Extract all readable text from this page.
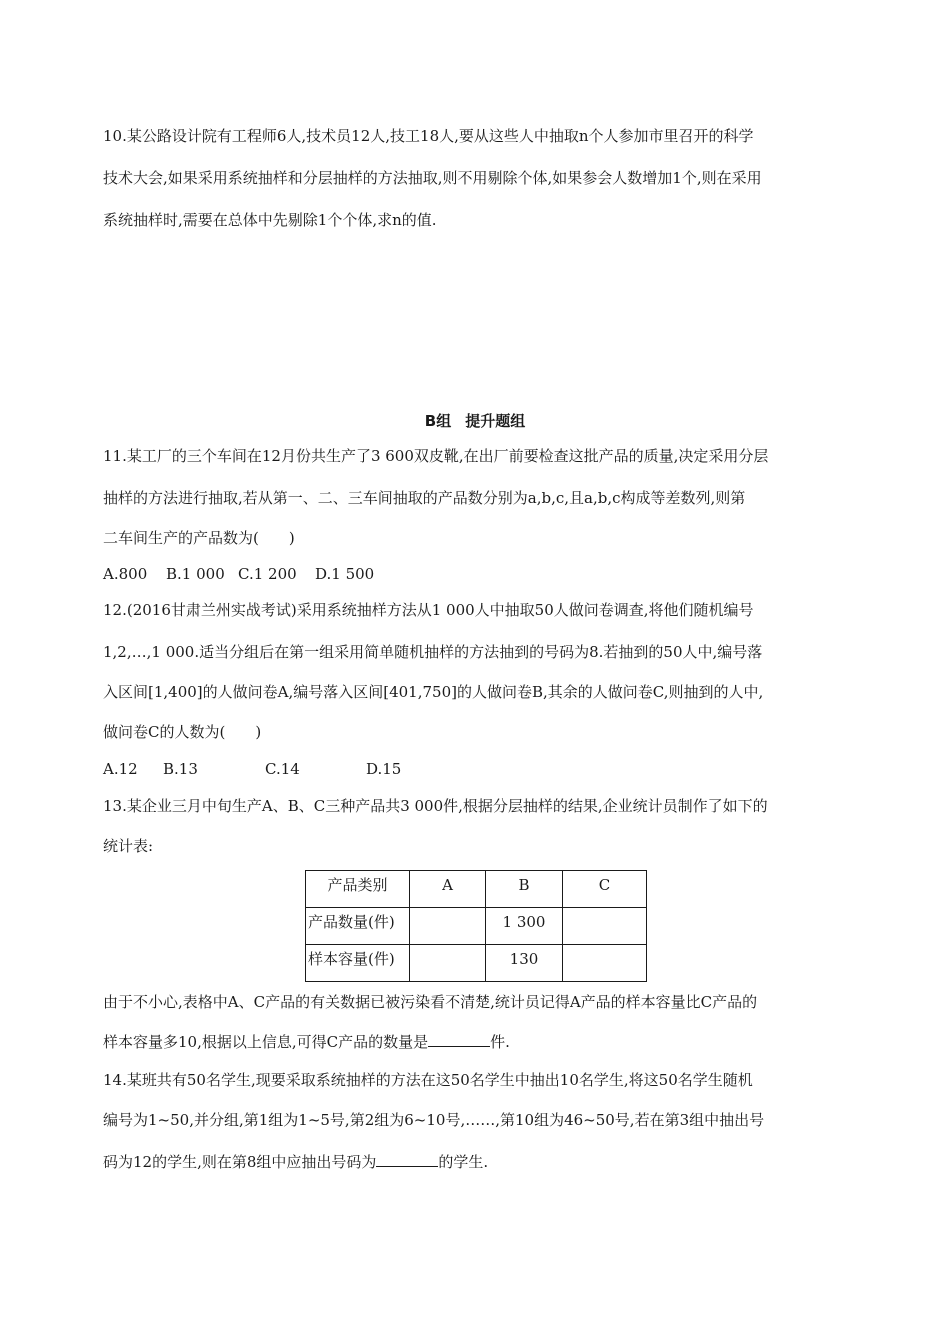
10.某公路设计院有工程师6人,技术员12人,技工18人,要从这些人中抽取n个人参加市里召开的科学
技术大会,如果采用系统抽样和分层抽样的方法抽取,则不用剔除个体,如果参会人数增加1个,则在采用
系统抽样时,需要在总体中先剔除1个个体,求n的值.
B组 提升题组
11.某工厂的三个车间在12月份共生产了3 600双皮靴,在出厂前要检查这批产品的质量,决定采用分层
抽样的方法进行抽取,若从第一、二、三车间抽取的产品数分别为a,b,c,且a,b,c构成等差数列,则第
二车间生产的产品数为(　　)
A.800 B.1 000 C.1 200 D.1 500
12.(2016甘肃兰州实战考试)采用系统抽样方法从1 000人中抽取50人做问卷调查,将他们随机编号
1,2,…,1 000.适当分组后在第一组采用简单随机抽样的方法抽到的号码为8.若抽到的50人中,编号落
入区间[1,400]的人做问卷A,编号落入区间[401,750]的人做问卷B,其余的人做问卷C,则抽到的人中,
做问卷C的人数为(　　)
A.12 B.13	C.14	D.15
13.某企业三月中旬生产A、B、C三种产品共3 000件,根据分层抽样的结果,企业统计员制作了如下的
统计表:
产品类别	A	B	C
产品数量(件)		1 300	
样本容量(件)		130	
由于不小心,表格中A、C产品的有关数据已被污染看不清楚,统计员记得A产品的样本容量比C产品的
样本容量多10,根据以上信息,可得C产品的数量是	件.
14.某班共有50名学生,现要采取系统抽样的方法在这50名学生中抽出10名学生,将这50名学生随机
编号为1~50,并分组,第1组为1~5号,第2组为6~10号,……,第10组为46~50号,若在第3组中抽出号
码为12的学生,则在第8组中应抽出号码为	的学生.
